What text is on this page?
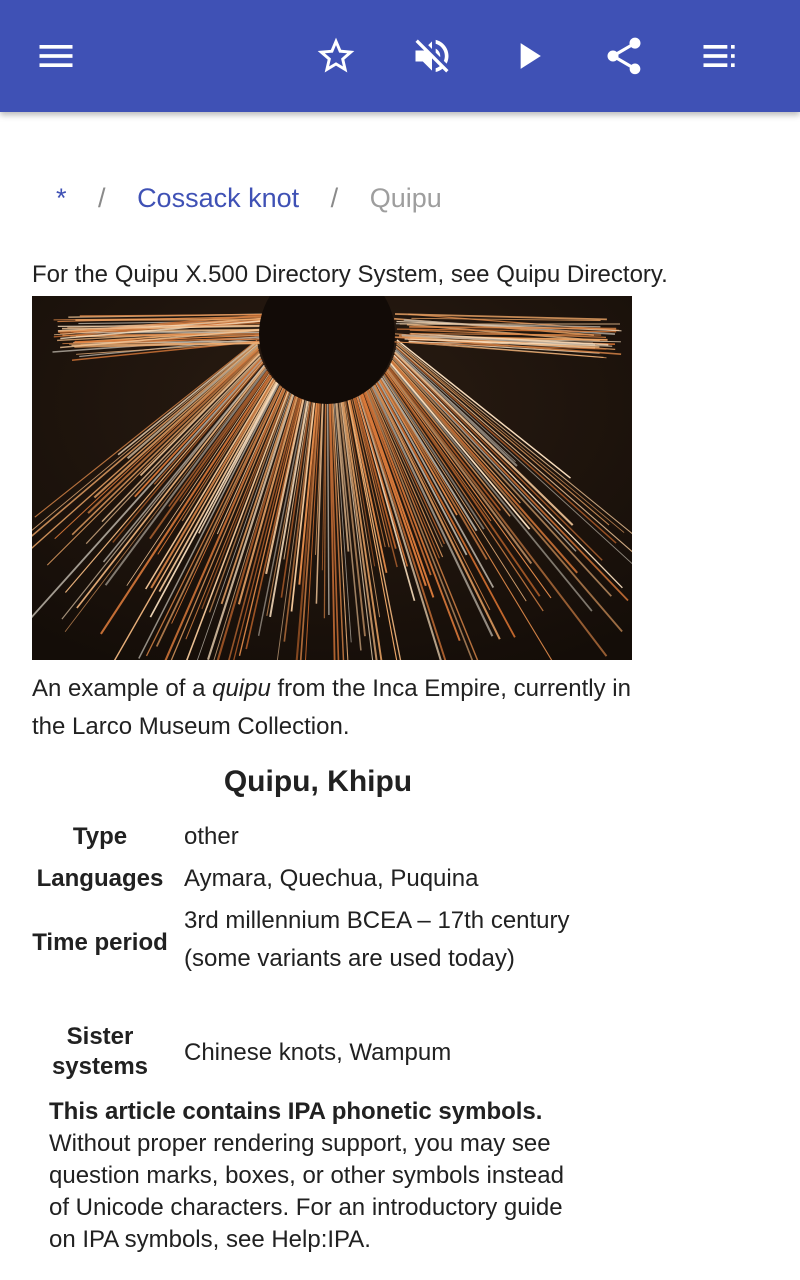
* / Cossack knot / Quipu
For the Quipu X.500 Directory System, see Quipu Directory.
An example of a quipu from the Inca Empire, currently in the Larco Museum Collection.
Quipu, Khipu
Type	other
Languages Aymara, Quechua, Puquina
Time period
3rd millennium BCEA – 17th century (some variants are used today)
Sister systems
Chinese knots, Wampum
This article contains IPA phonetic symbols. Without proper rendering support, you may see question marks, boxes, or other symbols instead of Unicode characters. For an introductory guide on IPA symbols, see Help:IPA.
